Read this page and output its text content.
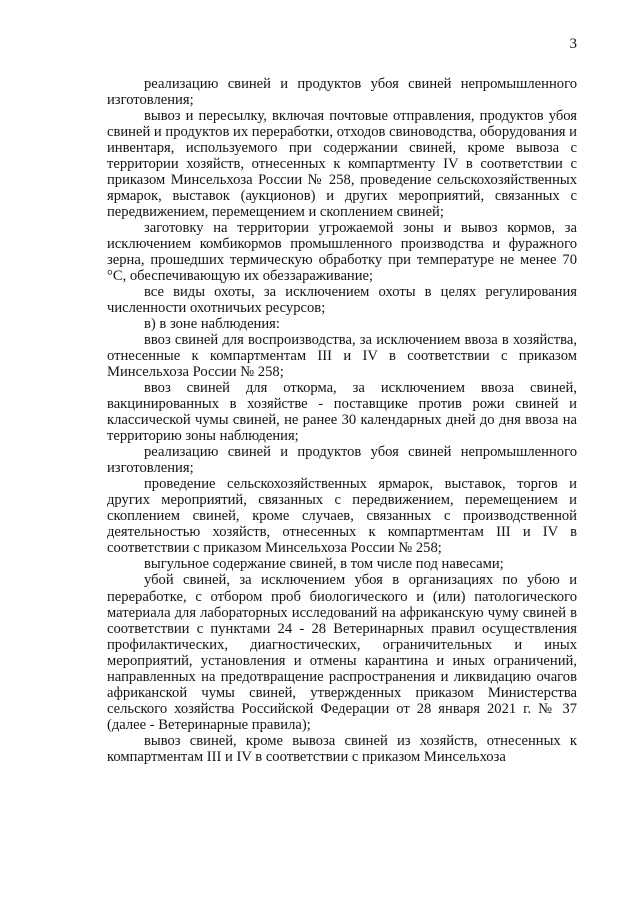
3

реализацию свиней и продуктов убоя свиней непромышленного изготовления;

вывоз и пересылку, включая почтовые отправления, продуктов убоя свиней и продуктов их переработки, отходов свиноводства, оборудования и инвентаря, используемого при содержании свиней, кроме вывоза с территории хозяйств, отнесенных к компартменту IV в соответствии с приказом Минсельхоза России № 258, проведение сельскохозяйственных ярмарок, выставок (аукционов) и других мероприятий, связанных с передвижением, перемещением и скоплением свиней;

заготовку на территории угрожаемой зоны и вывоз кормов, за исключением комбикормов промышленного производства и фуражного зерна, прошедших термическую обработку при температуре не менее 70 °С, обеспечивающую их обеззараживание;

все виды охоты, за исключением охоты в целях регулирования численности охотничьих ресурсов;

в) в зоне наблюдения:

ввоз свиней для воспроизводства, за исключением ввоза в хозяйства, отнесенные к компартментам III и IV в соответствии с приказом Минсельхоза России № 258;

ввоз свиней для откорма, за исключением ввоза свиней, вакцинированных в хозяйстве - поставщике против рожи свиней и классической чумы свиней, не ранее 30 календарных дней до дня ввоза на территорию зоны наблюдения;

реализацию свиней и продуктов убоя свиней непромышленного изготовления;

проведение сельскохозяйственных ярмарок, выставок, торгов и других мероприятий, связанных с передвижением, перемещением и скоплением свиней, кроме случаев, связанных с производственной деятельностью хозяйств, отнесенных к компартментам III и IV в соответствии с приказом Минсельхоза России № 258;

выгульное содержание свиней, в том числе под навесами;

убой свиней, за исключением убоя в организациях по убою и переработке, с отбором проб биологического и (или) патологического материала для лабораторных исследований на африканскую чуму свиней в соответствии с пунктами 24 - 28 Ветеринарных правил осуществления профилактических, диагностических, ограничительных и иных мероприятий, установления и отмены карантина и иных ограничений, направленных на предотвращение распространения и ликвидацию очагов африканской чумы свиней, утвержденных приказом Министерства сельского хозяйства Российской Федерации от 28 января 2021 г. № 37 (далее - Ветеринарные правила);

вывоз свиней, кроме вывоза свиней из хозяйств, отнесенных к компартментам III и IV в соответствии с приказом Минсельхоза
